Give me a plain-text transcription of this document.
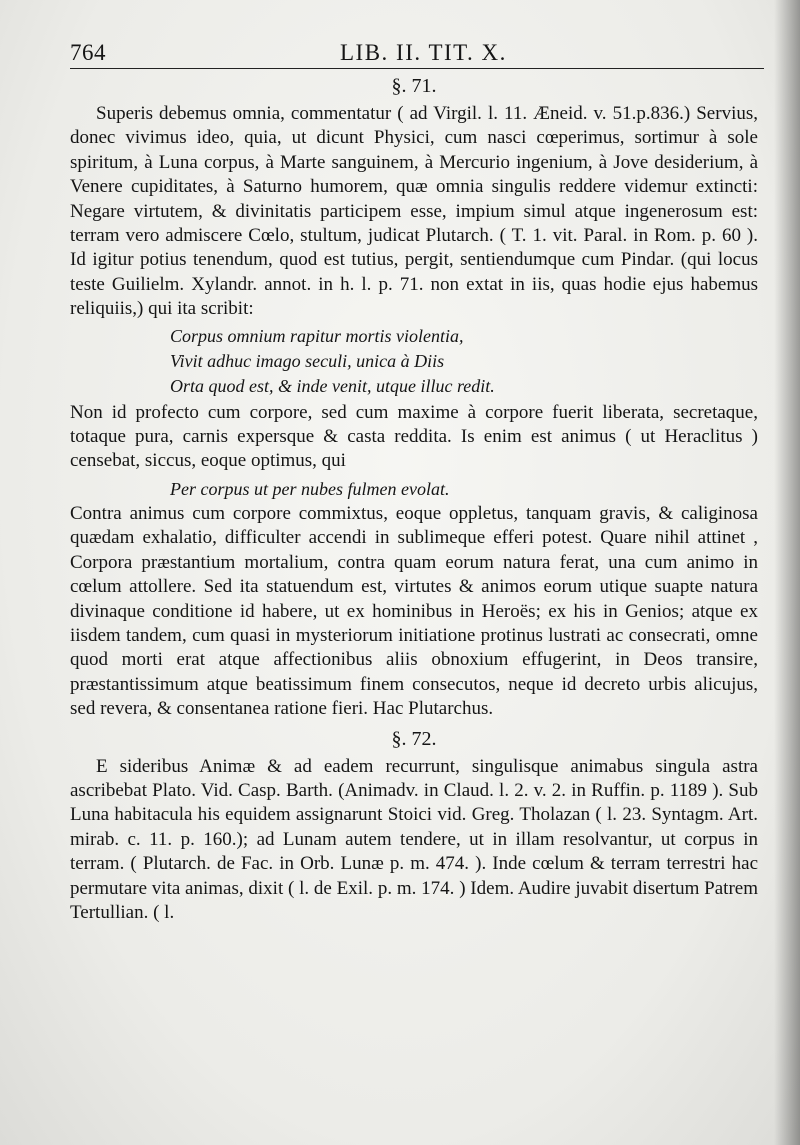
764	LIB. II. TIT. X.
§. 71.

Superis debemus omnia, commentatur ( ad Virgil. l. 11. Æneid. v. 51.p.836.) Servius, donec vivimus ideo, quia, ut dicunt Physici, cum nasci cœperimus, sortimur à sole spiritum, à Luna corpus, à Marte sanguinem, à Mercurio ingenium, à Jove desiderium, à Venere cupiditates, à Saturno humorem, quæ omnia singulis reddere videmur extincti: Negare virtutem, & divinitatis participem esse, impium simul atque ingenerosum est: terram vero admiscere Cœlo, stultum, judicat Plutarch. ( T. 1. vit. Paral. in Rom. p. 60 ). Id igitur potius tenendum, quod est tutius, pergit, sentiendumque cum Pindar. (qui locus teste Guilielm. Xylandr. annot. in h. l. p. 71. non extat in iis, quas hodie ejus habemus reliquiis,) qui ita scribit:

Corpus omnium rapitur mortis violentia,
Vivit adhuc imago seculi, unica à Diis
Orta quod est, & inde venit, utque illuc redit.

Non id profecto cum corpore, sed cum maxime à corpore fuerit liberata, secretaque, totaque pura, carnis expersque & casta reddita. Is enim est animus ( ut Heraclitus ) censebat, siccus, eoque optimus, qui

Per corpus ut per nubes fulmen evolat.

Contra animus cum corpore commixtus, eoque oppletus, tanquam gravis, & caliginosa quædam exhalatio, difficulter accendi in sublimeque efferi potest. Quare nihil attinet , Corpora præstantium mortalium, contra quam eorum natura ferat, una cum animo in cœlum attollere. Sed ita statuendum est, virtutes & animos eorum utique suapte natura divinaque conditione id habere, ut ex hominibus in Heroës; ex his in Genios; atque ex iisdem tandem, cum quasi in mysteriorum initiatione protinus lustrati ac consecrati, omne quod morti erat atque affectionibus aliis obnoxium effugerint, in Deos transire, præstantissimum atque beatissimum finem consecutos, neque id decreto urbis alicujus, sed revera, & consentanea ratione fieri. Hac Plutarchus.

§. 72.

E sideribus Animæ & ad eadem recurrunt, singulisque animabus singula astra ascribebat Plato. Vid. Casp. Barth. (Animadv. in Claud. l. 2. v. 2. in Ruffin. p. 1189 ). Sub Luna habitacula his equidem assignarunt Stoici vid. Greg. Tholazan ( l. 23. Syntagm. Art. mirab. c. 11. p. 160.); ad Lunam autem tendere, ut in illam resolvantur, ut corpus in terram. ( Plutarch. de Fac. in Orb. Lunæ p. m. 474. ). Inde cœlum & terram terrestri hac permutare vita animas, dixit ( l. de Exil. p. m. 174. ) Idem. Audire juvabit disertum Patrem Tertullian. ( l.
